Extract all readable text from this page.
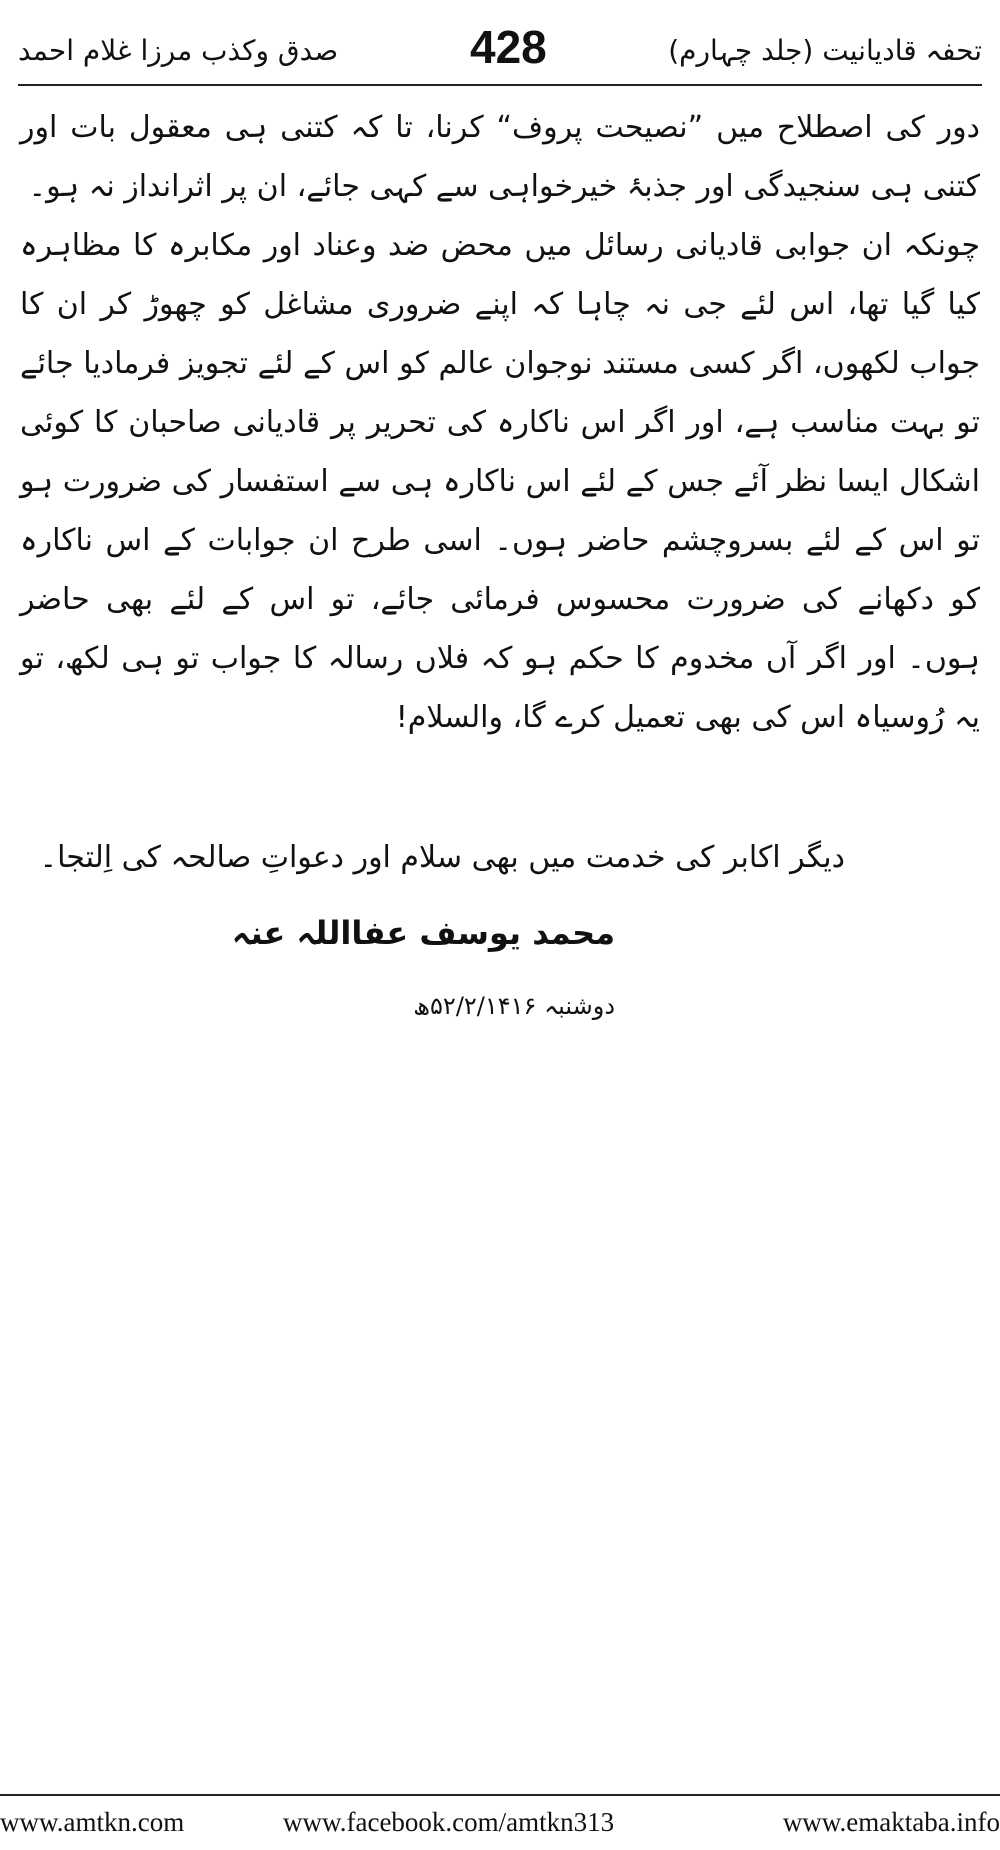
تحفہ قادیانیت (جلد چہارم)
428
صدق وکذب مرزا غلام احمد

دور کی اصطلاح میں ”نصیحت پروف“ کرنا، تا کہ کتنی ہی معقول بات اور کتنی ہی سنجیدگی اور جذبۂ خیرخواہی سے کہی جائے، ان پر اثرانداز نہ ہو۔

چونکہ ان جوابی قادیانی رسائل میں محض ضد وعناد اور مکابرہ کا مظاہرہ کیا گیا تھا، اس لئے جی نہ چاہا کہ اپنے ضروری مشاغل کو چھوڑ کر ان کا جواب لکھوں، اگر کسی مستند نوجوان عالم کو اس کے لئے تجویز فرمادیا جائے تو بہت مناسب ہے، اور اگر اس ناکارہ کی تحریر پر قادیانی صاحبان کا کوئی اشکال ایسا نظر آئے جس کے لئے اس ناکارہ ہی سے استفسار کی ضرورت ہو تو اس کے لئے بسروچشم حاضر ہوں۔ اسی طرح ان جوابات کے اس ناکارہ کو دکھانے کی ضرورت محسوس فرمائی جائے، تو اس کے لئے بھی حاضر ہوں۔ اور اگر آں مخدوم کا حکم ہو کہ فلاں رسالہ کا جواب تو ہی لکھ، تو یہ رُوسیاہ اس کی بھی تعمیل کرے گا، والسلام!

دیگر اکابر کی خدمت میں بھی سلام اور دعواتِ صالحہ کی اِلتجا۔
محمد یوسف عفااللہ عنہ
دوشنبہ ۵۲/۲/۱۴۱۶ھ
www.amtkn.com	www.facebook.com/amtkn313	www.emaktaba.info
